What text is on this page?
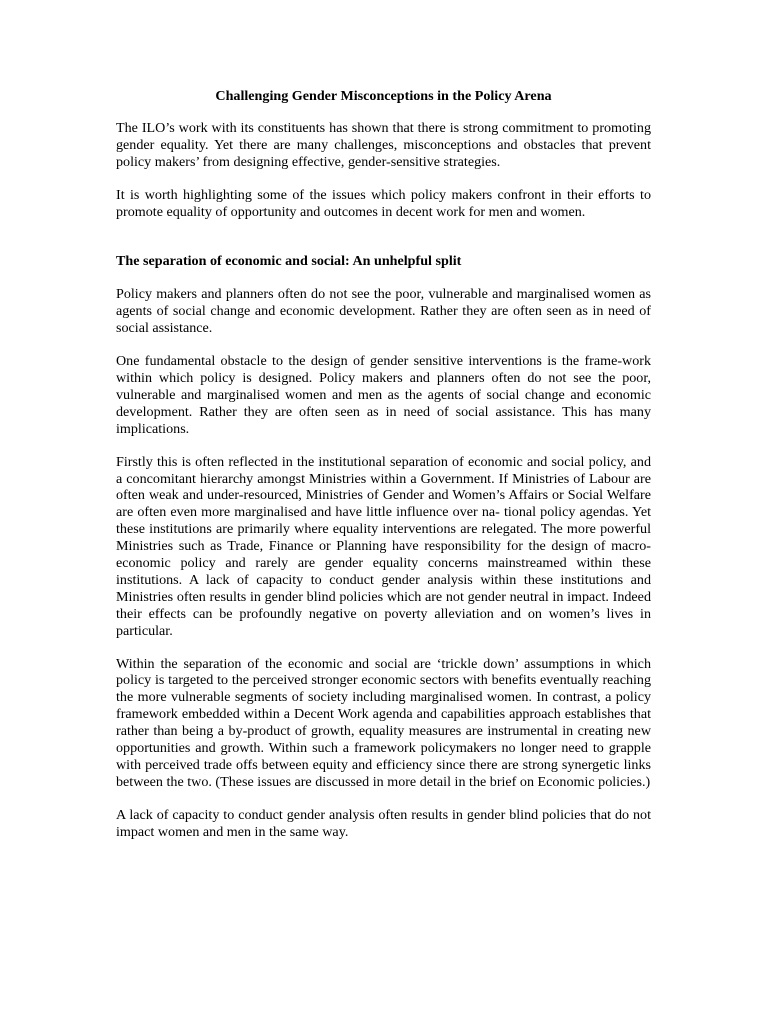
Challenging Gender Misconceptions in the Policy Arena

The ILO’s work with its constituents has shown that there is strong commitment to promoting gender equality. Yet there are many challenges, misconceptions and obstacles that prevent policy makers’ from designing effective, gender-sensitive strategies.

It is worth highlighting some of the issues which policy makers confront in their efforts to promote equality of opportunity and outcomes in decent work for men and women.

The separation of economic and social: An unhelpful split

Policy makers and planners often do not see the poor, vulnerable and marginalised women as agents of social change and economic development. Rather they are often seen as in need of social assistance.

One fundamental obstacle to the design of gender sensitive interventions is the frame-work within which policy is designed. Policy makers and planners often do not see the poor, vulnerable and marginalised women and men as the agents of social change and economic development. Rather they are often seen as in need of social assistance. This has many implications.

Firstly this is often reflected in the institutional separation of economic and social policy, and a concomitant hierarchy amongst Ministries within a Government. If Ministries of Labour are often weak and under-resourced, Ministries of Gender and Women’s Affairs or Social Welfare are often even more marginalised and have little influence over na- tional policy agendas. Yet these institutions are primarily where equality interventions are relegated. The more powerful Ministries such as Trade, Finance or Planning have responsibility for the design of macro-economic policy and rarely are gender equality concerns mainstreamed within these institutions. A lack of capacity to conduct gender analysis within these institutions and Ministries often results in gender blind policies which are not gender neutral in impact. Indeed their effects can be profoundly negative on poverty alleviation and on women’s lives in particular.

Within the separation of the economic and social are ‘trickle down’ assumptions in which policy is targeted to the perceived stronger economic sectors with benefits eventually reaching the more vulnerable segments of society including marginalised women. In contrast, a policy framework embedded within a Decent Work agenda and capabilities approach establishes that rather than being a by-product of growth, equality measures are instrumental in creating new opportunities and growth. Within such a framework policymakers no longer need to grapple with perceived trade offs between equity and efficiency since there are strong synergetic links between the two. (These issues are discussed in more detail in the brief on Economic policies.)

A lack of capacity to conduct gender analysis often results in gender blind policies that do not impact women and men in the same way.
